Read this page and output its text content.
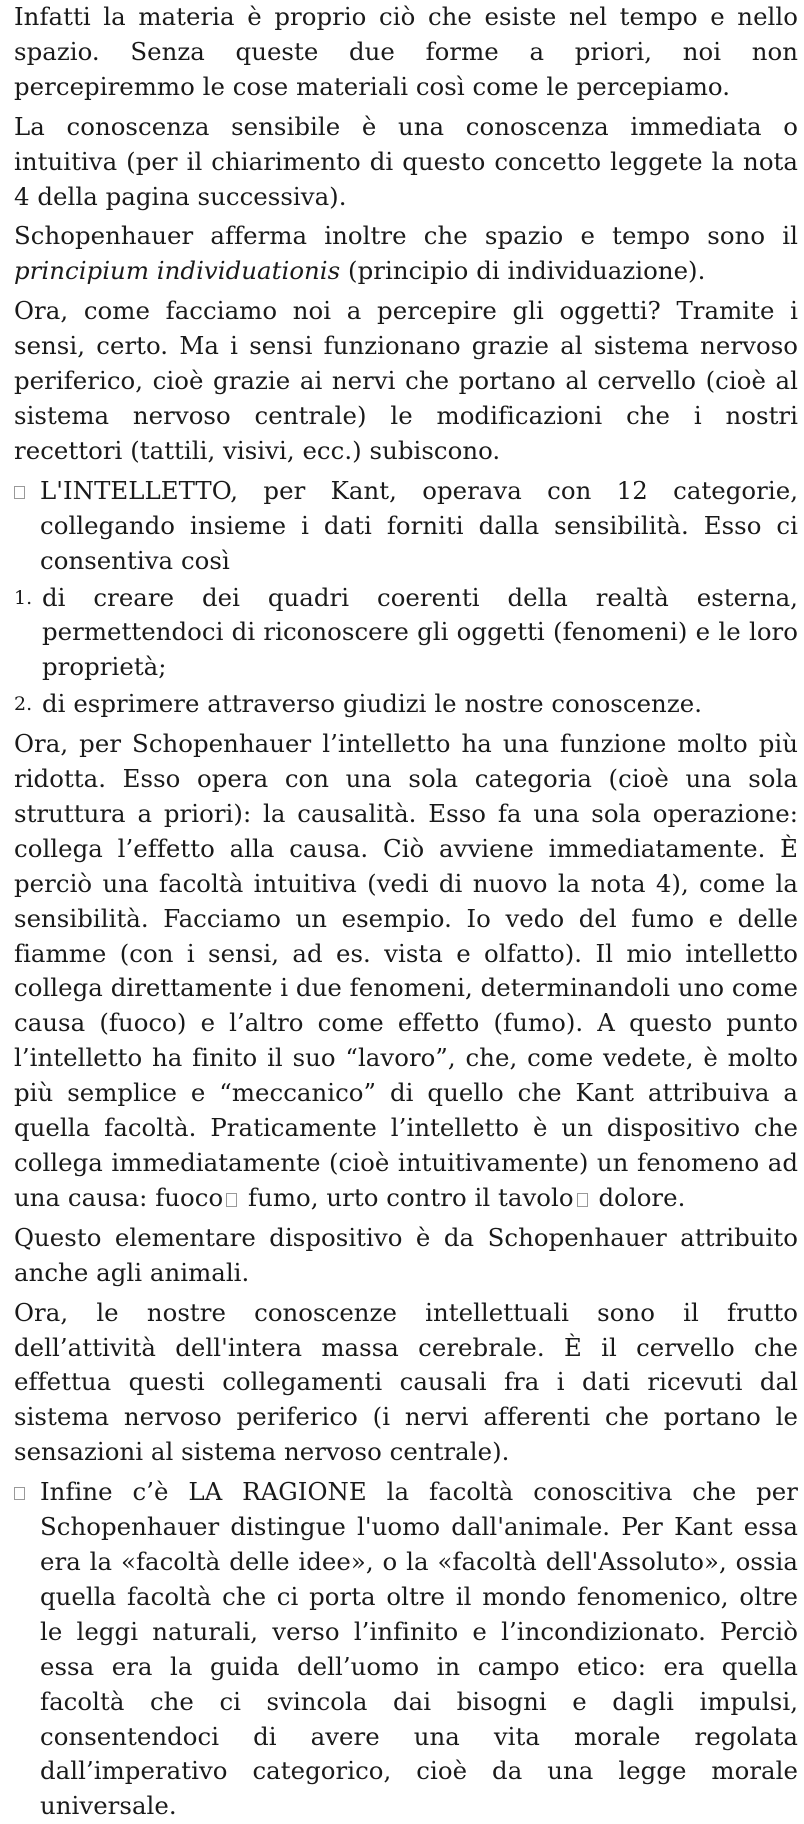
Infatti la materia è proprio ciò che esiste nel tempo e nello spazio. Senza queste due forme a priori, noi non percepiremmo le cose materiali così come le percepiamo.

La conoscenza sensibile è una conoscenza immediata o intuitiva (per il chiarimento di questo concetto leggete la nota 4 della pagina successiva).

Schopenhauer afferma inoltre che spazio e tempo sono il principium individuationis (principio di individuazione).

Ora, come facciamo noi a percepire gli oggetti? Tramite i sensi, certo. Ma i sensi funzionano grazie al sistema nervoso periferico, cioè grazie ai nervi che portano al cervello (cioè al sistema nervoso centrale) le modificazioni che i nostri recettori (tattili, visivi, ecc.) subiscono.

L'INTELLETTO, per Kant, operava con 12 categorie, collegando insieme i dati forniti dalla sensibilità. Esso ci consentiva così

1. di creare dei quadri coerenti della realtà esterna, permettendoci di riconoscere gli oggetti (fenomeni) e le loro proprietà;

2. di esprimere attraverso giudizi le nostre conoscenze.

Ora, per Schopenhauer l’intelletto ha una funzione molto più ridotta. Esso opera con una sola categoria (cioè una sola struttura a priori): la causalità. Esso fa una sola operazione: collega l’effetto alla causa. Ciò avviene immediatamente. È perciò una facoltà intuitiva (vedi di nuovo la nota 4), come la sensibilità. Facciamo un esempio. Io vedo del fumo e delle fiamme (con i sensi, ad es. vista e olfatto). Il mio intelletto collega direttamente i due fenomeni, determinandoli uno come causa (fuoco) e l’altro come effetto (fumo). A questo punto l’intelletto ha finito il suo “lavoro”, che, come vedete, è molto più semplice e “meccanico” di quello che Kant attribuiva a quella facoltà. Praticamente l’intelletto è un dispositivo che collega immediatamente (cioè intuitivamente) un fenomeno ad una causa: fuoco fumo, urto contro il tavolo dolore.

Questo elementare dispositivo è da Schopenhauer attribuito anche agli animali.

Ora, le nostre conoscenze intellettuali sono il frutto dell’attività dell'intera massa cerebrale. È il cervello che effettua questi collegamenti causali fra i dati ricevuti dal sistema nervoso periferico (i nervi afferenti che portano le sensazioni al sistema nervoso centrale).

Infine c’è LA RAGIONE la facoltà conoscitiva che per Schopenhauer distingue l'uomo dall'animale. Per Kant essa era la «facoltà delle idee», o la «facoltà dell'Assoluto», ossia quella facoltà che ci porta oltre il mondo fenomenico, oltre le leggi naturali, verso l’infinito e l’incondizionato. Perciò essa era la guida dell’uomo in campo etico: era quella facoltà che ci svincola dai bisogni e dagli impulsi, consentendoci di avere una vita morale regolata dall’imperativo categorico, cioè da una legge morale universale.
